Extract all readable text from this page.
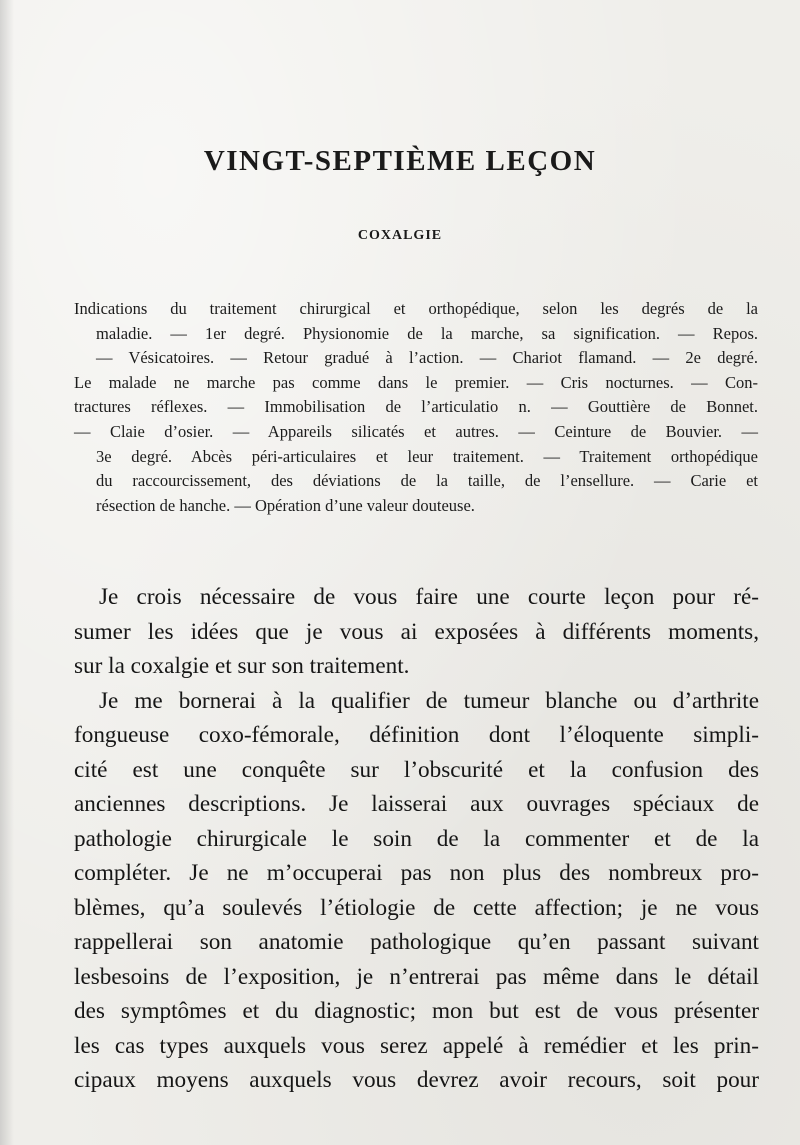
VINGT-SEPTIÈME LEÇON
COXALGIE
Indications du traitement chirurgical et orthopédique, selon les degrés de la
maladie. — 1er degré. Physionomie de la marche, sa signification. — Repos.
— Vésicatoires. — Retour gradué à l’action. — Chariot flamand. — 2e degré.
Le malade ne marche pas comme dans le premier. — Cris nocturnes. — Con-
tractures réflexes. — Immobilisation de l’articulatio n. — Gouttière de Bonnet.
— Claie d’osier. — Appareils silicatés et autres. — Ceinture de Bouvier. —
3e degré. Abcès péri-articulaires et leur traitement. — Traitement orthopédique
du raccourcissement, des déviations de la taille, de l’ensellure. — Carie et
résection de hanche. — Opération d’une valeur douteuse.
Je crois nécessaire de vous faire une courte leçon pour ré-
sumer les idées que je vous ai exposées à différents moments,
sur la coxalgie et sur son traitement.
Je me bornerai à la qualifier de tumeur blanche ou d’arthrite
fongueuse coxo-fémorale, définition dont l’éloquente simpli-
cité est une conquête sur l’obscurité et la confusion des
anciennes descriptions. Je laisserai aux ouvrages spéciaux de
pathologie chirurgicale le soin de la commenter et de la
compléter. Je ne m’occuperai pas non plus des nombreux pro-
blèmes, qu’a soulevés l’étiologie de cette affection; je ne vous
rappellerai son anatomie pathologique qu’en passant suivant
lesbesoins de l’exposition, je n’entrerai pas même dans le détail
des symptômes et du diagnostic; mon but est de vous présenter
les cas types auxquels vous serez appelé à remédier et les prin-
cipaux moyens auxquels vous devrez avoir recours, soit pour
